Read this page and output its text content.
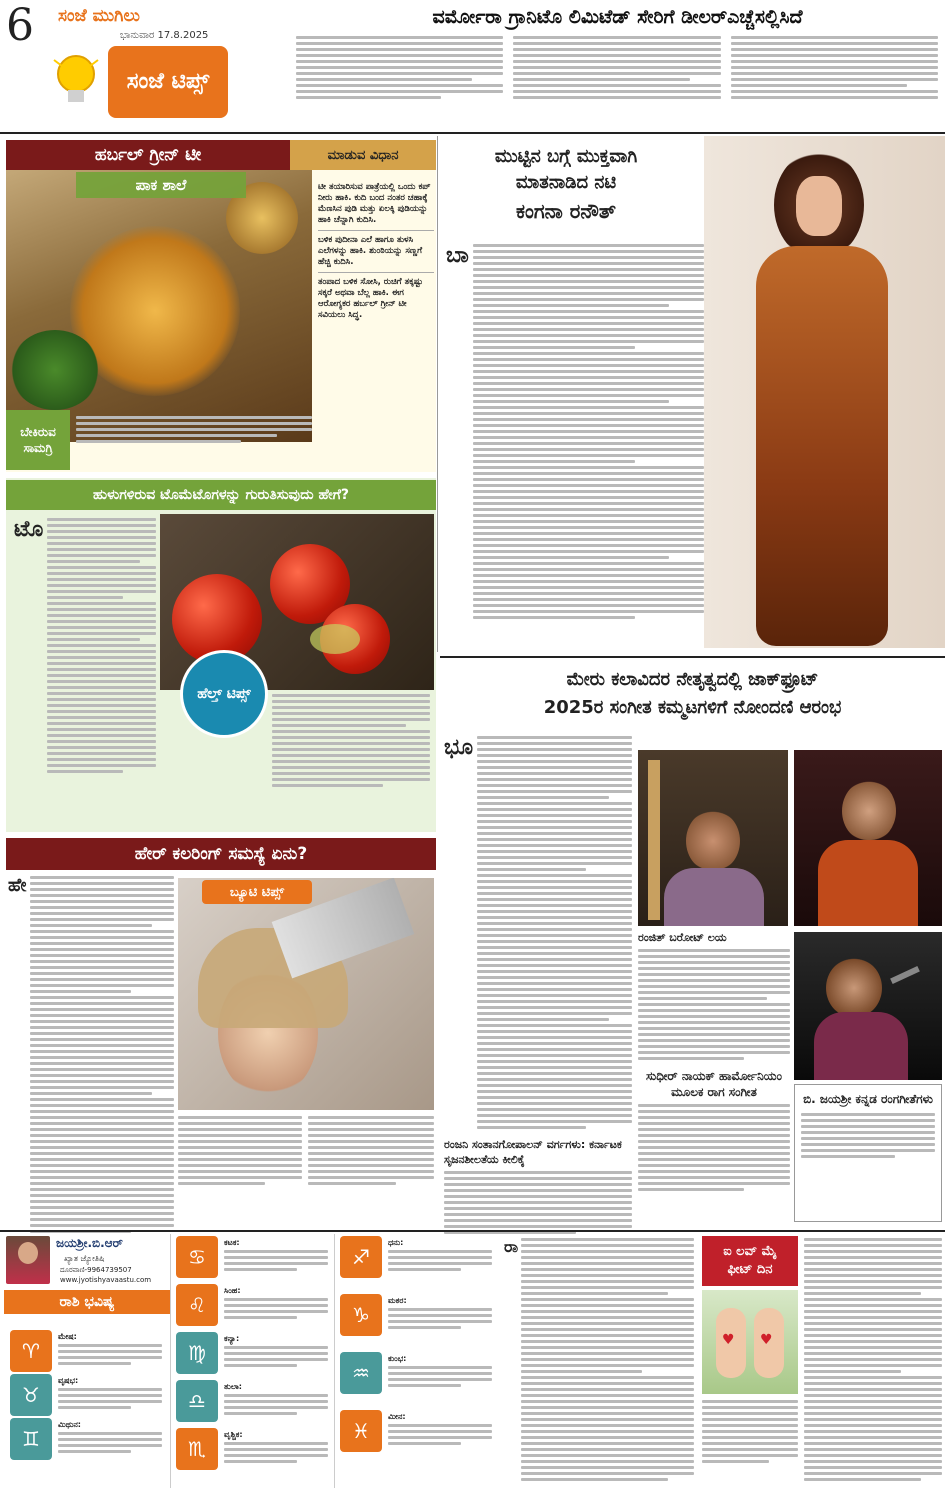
6 ಸಂಜೆ ಮುಗಿಲು
ಭಾನುವಾರ 17.8.2025
ಸಂಜೆ ಟಿಪ್ಸ್
ವರ್ಮೋರಾ ಗ್ರಾನಿಟೊ ಲಿಮಿಟೆಡ್ ಸೇರಿಗೆ ಡೀಲರ್‌ಎಚ್ಚೆಸಲ್ಲಿಸಿದೆ
ಹರ್ಬಲ್ ಗ್ರೀನ್ ಟೀ	ಮಾಡುವ ವಿಧಾನ
ಪಾಕ ಶಾಲೆ	ಟೀ ತಯಾರಿಸುವ ಪಾತ್ರೆಯಲ್ಲಿ ಒಂದು ಕಪ್ ನೀರು ಹಾಕಿ. ಕುದಿ ಬಂದ ನಂತರ ಚಹಾಕ್ಕೆ ಮೆಣಸಿನ ಪುಡಿ ಮತ್ತು ಏಲಕ್ಕಿ ಪುಡಿಯನ್ನು ಹಾಕಿ ಚೆನ್ನಾಗಿ ಕುದಿಸಿ.
ಬಳಿಕ ಪುದೀನಾ ಎಲೆ ಹಾಗೂ ತುಳಸಿ ಎಲೆಗಳನ್ನು ಹಾಕಿ. ಶುಂಠಿಯನ್ನು ಸಣ್ಣಗೆ ಹೆಚ್ಚಿ ಕುದಿಸಿ.
ತಂಪಾದ ಬಳಿಕ ಸೋಸಿ, ರುಚಿಗೆ ತಕ್ಕಷ್ಟು ಸಕ್ಕರೆ ಅಥವಾ ಬೆಲ್ಲ ಹಾಕಿ. ಈಗ ಆರೋಗ್ಯಕರ ಹರ್ಬಲ್ ಗ್ರೀನ್ ಟೀ ಸವಿಯಲು ಸಿದ್ಧ.
ಬೇಕಿರುವ ಸಾಮಗ್ರಿ
ಮುಟ್ಟಿನ ಬಗ್ಗೆ ಮುಕ್ತವಾಗಿ
ಮಾತನಾಡಿದ ನಟಿ
ಕಂಗನಾ ರನೌತ್
ಬಾ
ಹುಳುಗಳಿರುವ ಟೊಮೆಟೊಗಳನ್ನು ಗುರುತಿಸುವುದು ಹೇಗೆ?
ಟೊ
ಹೆಲ್ತ್ ಟಿಪ್ಸ್
ಮೇರು ಕಲಾವಿದರ ನೇತೃತ್ವದಲ್ಲಿ ಜಾಕ್‌ಫ್ರೂಟ್
2025ರ ಸಂಗೀತ ಕಮ್ಮಟಗಳಿಗೆ ನೋಂದಣಿ ಆರಂಭ
ಭೂ
ರಂಜನಿ ಸಂತಾನಗೋಪಾಲನ್ ವರ್ಗಗಳು: ಕರ್ನಾಟಕ ಸೃಜನಶೀಲತೆಯ ಕೀಲಿಕೈ
ರಂಜಿತ್ ಬರೋಟ್ ಲಯ
ಸುಧೀರ್ ನಾಯಕ್ ಹಾರ್ಮೋನಿಯಂ ಮೂಲಕ ರಾಗ ಸಂಗೀತ	ಬಿ. ಜಯಶ್ರೀ ಕನ್ನಡ ರಂಗಗೀತೆಗಳು
ಹೇರ್ ಕಲರಿಂಗ್ ಸಮಸ್ಯೆ ಏನು?
ಹೇ	ಬ್ಯೂಟಿ ಟಿಪ್ಸ್
ಜಯಶ್ರೀ.ಬಿ.ಆರ್
ಖ್ಯಾತ ಜ್ಯೋತಿಷಿ
ದೂರವಾಣಿ-9964739507
www.jyotishyavaastu.com
ರಾಶಿ ಭವಿಷ್ಯ
♈
ಮೇಷ:
♉
ವೃಷಭ:
♊
ಮಿಥುನ:
♋
ಕಟಕ:
♌
ಸಿಂಹ:
♍
ಕನ್ಯಾ:
♎
ತುಲಾ:
♏
ವೃಶ್ಚಿಕ:
♐
ಧನು:
♑
ಮಕರ:
♒
ಕುಂಭ:
♓
ಮೀನ:
ರಾ	ಐ ಲವ್ ಮೈ
ಫೀಟ್ ದಿನ
♥ ♥
